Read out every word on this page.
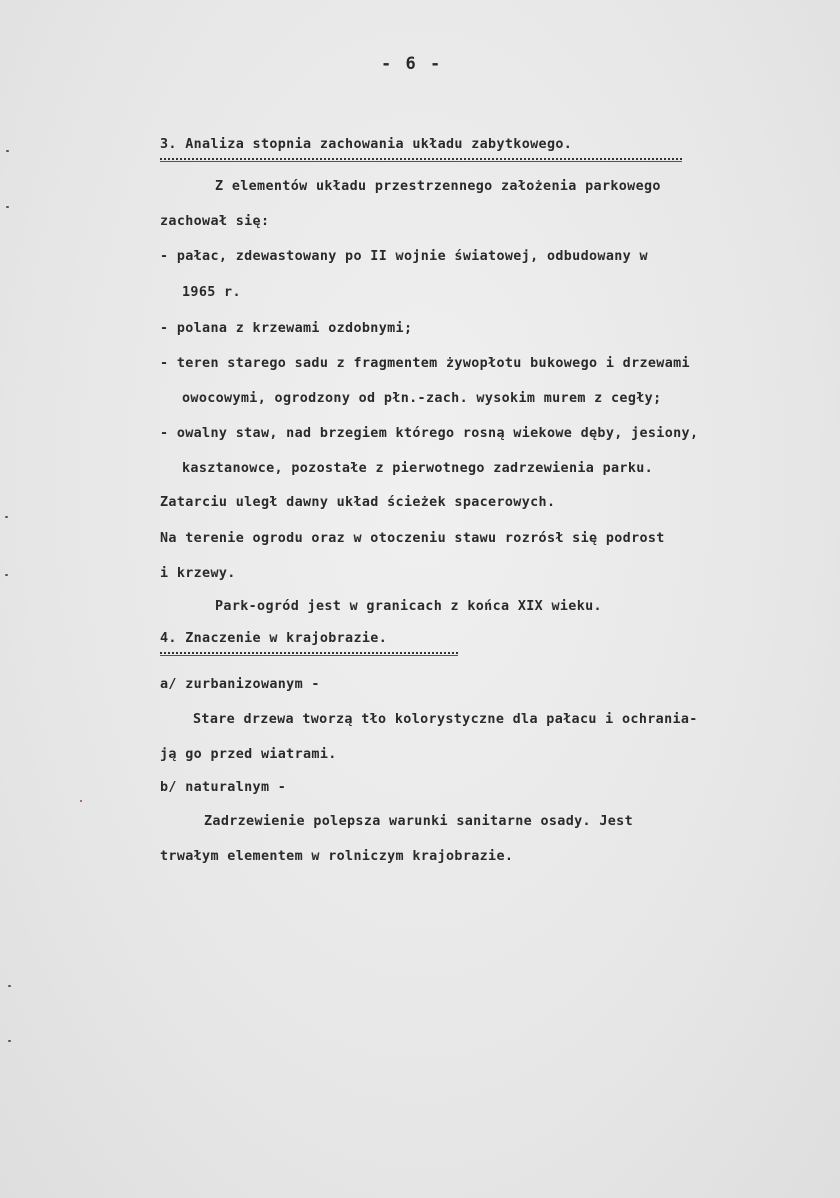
- 6 -
3. Analiza stopnia zachowania układu zabytkowego.
Z elementów układu przestrzennego założenia parkowego
zachował się:
- pałac, zdewastowany po II wojnie światowej, odbudowany w
1965 r.
- polana z krzewami ozdobnymi;
- teren starego sadu z fragmentem żywopłotu bukowego i drzewami
owocowymi, ogrodzony od płn.-zach. wysokim murem z cegły;
- owalny staw, nad brzegiem którego rosną wiekowe dęby, jesiony,
kasztanowce, pozostałe z pierwotnego zadrzewienia parku.
Zatarciu uległ dawny układ ścieżek spacerowych.
Na terenie ogrodu oraz w otoczeniu stawu rozrósł się podrost
i krzewy.
Park-ogród jest w granicach z końca XIX wieku.
4. Znaczenie w krajobrazie.
a/ zurbanizowanym -
Stare drzewa tworzą tło kolorystyczne dla pałacu i ochrania-
ją go przed wiatrami.
b/ naturalnym -
Zadrzewienie polepsza warunki sanitarne osady. Jest
trwałym elementem w rolniczym krajobrazie.
